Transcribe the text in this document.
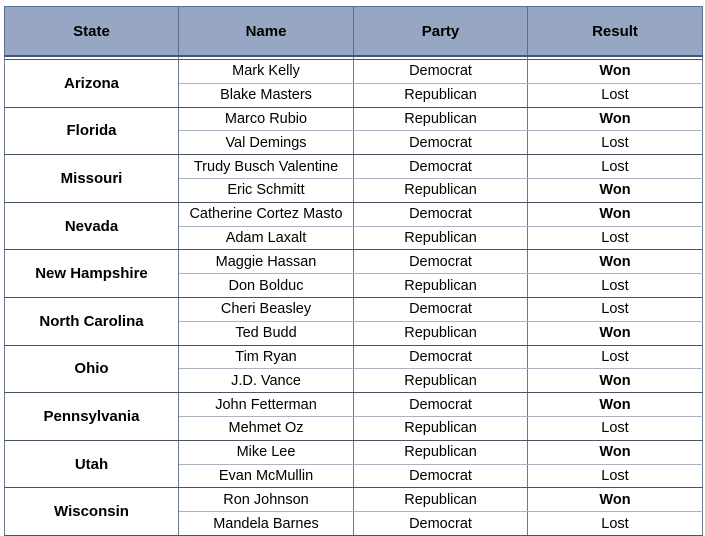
State	Name	Party	Result

Arizona	Mark Kelly	Democrat	Won
	Blake Masters	Republican	Lost
Florida	Marco Rubio	Republican	Won
	Val Demings	Democrat	Lost
Missouri	Trudy Busch Valentine	Democrat	Lost
	Eric Schmitt	Republican	Won
Nevada	Catherine Cortez Masto	Democrat	Won
	Adam Laxalt	Republican	Lost
New Hampshire	Maggie Hassan	Democrat	Won
	Don Bolduc	Republican	Lost
North Carolina	Cheri Beasley	Democrat	Lost
	Ted Budd	Republican	Won
Ohio	Tim Ryan	Democrat	Lost
	J.D. Vance	Republican	Won
Pennsylvania	John Fetterman	Democrat	Won
	Mehmet Oz	Republican	Lost
Utah	Mike Lee	Republican	Won
	Evan McMullin	Democrat	Lost
Wisconsin	Ron Johnson	Republican	Won
	Mandela Barnes	Democrat	Lost
